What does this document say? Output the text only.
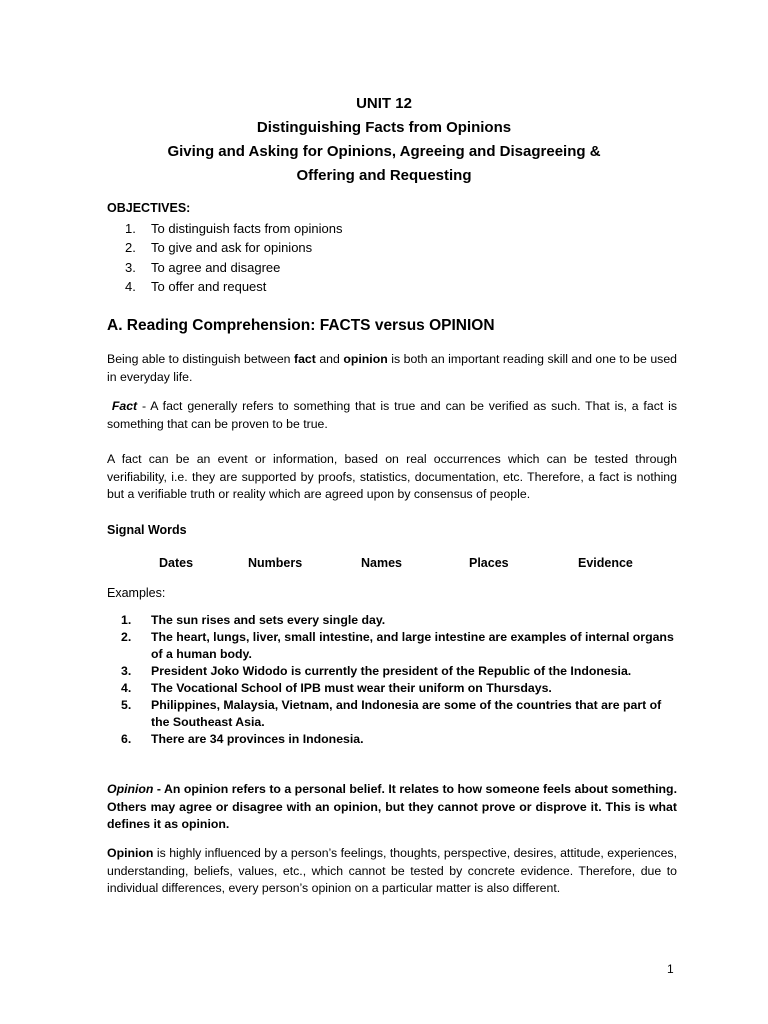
UNIT 12
Distinguishing Facts from Opinions
Giving and Asking for Opinions, Agreeing and Disagreeing &
Offering and Requesting
OBJECTIVES:
1.	To distinguish facts from opinions
2.	To give and ask for opinions
3.	To agree and disagree
4.	To offer and request
A. Reading Comprehension: FACTS versus OPINION
Being able to distinguish between fact and opinion is both an important reading skill and one to be used in everyday life.
Fact - A fact generally refers to something that is true and can be verified as such. That is, a fact is something that can be proven to be true.
A fact can be an event or information, based on real occurrences which can be tested through verifiability, i.e. they are supported by proofs, statistics, documentation, etc. Therefore, a fact is nothing but a verifiable truth or reality which are agreed upon by consensus of people.
Signal Words
Dates	Numbers	Names	Places	Evidence
Examples:
1.	The sun rises and sets every single day.
2.	The heart, lungs, liver, small intestine, and large intestine are examples of internal organs of a human body.
3.	President Joko Widodo is currently the president of the Republic of the Indonesia.
4.	The Vocational School of IPB must wear their uniform on Thursdays.
5.	Philippines, Malaysia, Vietnam, and Indonesia are some of the countries that are part of the Southeast Asia.
6.	There are 34 provinces in Indonesia.
Opinion - An opinion refers to a personal belief. It relates to how someone feels about something. Others may agree or disagree with an opinion, but they cannot prove or disprove it. This is what defines it as opinion.
Opinion is highly influenced by a person’s feelings, thoughts, perspective, desires, attitude, experiences, understanding, beliefs, values, etc., which cannot be tested by concrete evidence. Therefore, due to individual differences, every person’s opinion on a particular matter is also different.
1
